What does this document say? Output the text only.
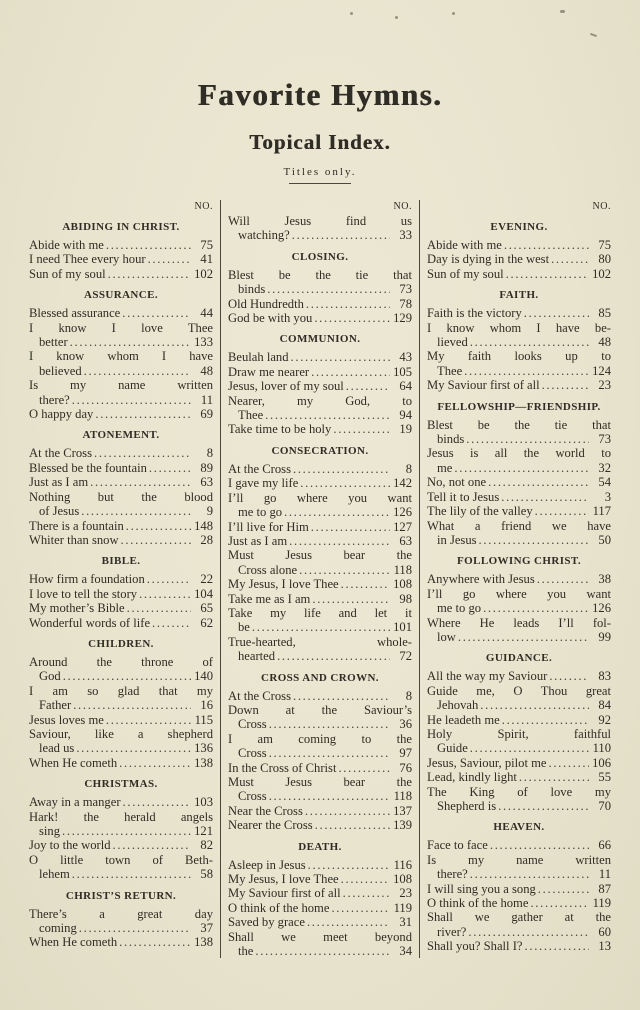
Favorite Hymns.
Topical Index.
Titles only.
NO.
ABIDING IN CHRIST.
Abide with me .....	75
I need Thee every hour .....	41
Sun of my soul .....	102
ASSURANCE.
Blessed assurance .....	44
I know I love Thee
better .....	133
I know whom I have
believed .....	48
Is my name written
there? .....	11
O happy day .....	69
ATONEMENT.
At the Cross .....	8
Blessed be the fountain .....	89
Just as I am .....	63
Nothing but the blood
of Jesus .....	9
There is a fountain .....	148
Whiter than snow .....	28
BIBLE.
How firm a foundation .....	22
I love to tell the story .....	104
My mother’s Bible .....	65
Wonderful words of life .....	62
CHILDREN.
Around the throne of
God .....	140
I am so glad that my
Father .....	16
Jesus loves me .....	115
Saviour, like a shepherd
lead us .....	136
When He cometh .....	138
CHRISTMAS.
Away in a manger .....	103
Hark! the herald angels
sing .....	121
Joy to the world .....	82
O little town of Beth-
lehem .....	58
CHRIST’S RETURN.
There’s a great day
coming .....	37
When He cometh .....	138
NO.
Will Jesus find us
watching? .....	33
CLOSING.
Blest be the tie that
binds .....	73
Old Hundredth .....	78
God be with you .....	129
COMMUNION.
Beulah land .....	43
Draw me nearer .....	105
Jesus, lover of my soul .....	64
Nearer, my God, to
Thee .....	94
Take time to be holy .....	19
CONSECRATION.
At the Cross .....	8
I gave my life .....	142
I’ll go where you want
me to go .....	126
I’ll live for Him .....	127
Just as I am .....	63
Must Jesus bear the
Cross alone .....	118
My Jesus, I love Thee .....	108
Take me as I am .....	98
Take my life and let it
be .....	101
True-hearted, whole-
hearted .....	72
CROSS AND CROWN.
At the Cross .....	8
Down at the Saviour’s
Cross .....	36
I am coming to the
Cross .....	97
In the Cross of Christ .....	76
Must Jesus bear the
Cross .....	118
Near the Cross .....	137
Nearer the Cross .....	139
DEATH.
Asleep in Jesus .....	116
My Jesus, I love Thee .....	108
My Saviour first of all .....	23
O think of the home .....	119
Saved by grace .....	31
Shall we meet beyond
the .....	34
NO.
EVENING.
Abide with me .....	75
Day is dying in the west .....	80
Sun of my soul .....	102
FAITH.
Faith is the victory .....	85
I know whom I have be-
lieved .....	48
My faith looks up to
Thee .....	124
My Saviour first of all .....	23
FELLOWSHIP—FRIENDSHIP.
Blest be the tie that
binds .....	73
Jesus is all the world to
me .....	32
No, not one .....	54
Tell it to Jesus .....	3
The lily of the valley .....	117
What a friend we have
in Jesus .....	50
FOLLOWING CHRIST.
Anywhere with Jesus .....	38
I’ll go where you want
me to go .....	126
Where He leads I’ll fol-
low .....	99
GUIDANCE.
All the way my Saviour .....	83
Guide me, O Thou great
Jehovah .....	84
He leadeth me .....	92
Holy Spirit, faithful
Guide .....	110
Jesus, Saviour, pilot me .....	106
Lead, kindly light .....	55
The King of love my
Shepherd is .....	70
HEAVEN.
Face to face .....	66
Is my name written
there? .....	11
I will sing you a song .....	87
O think of the home .....	119
Shall we gather at the
river? .....	60
Shall you? Shall I? .....	13
